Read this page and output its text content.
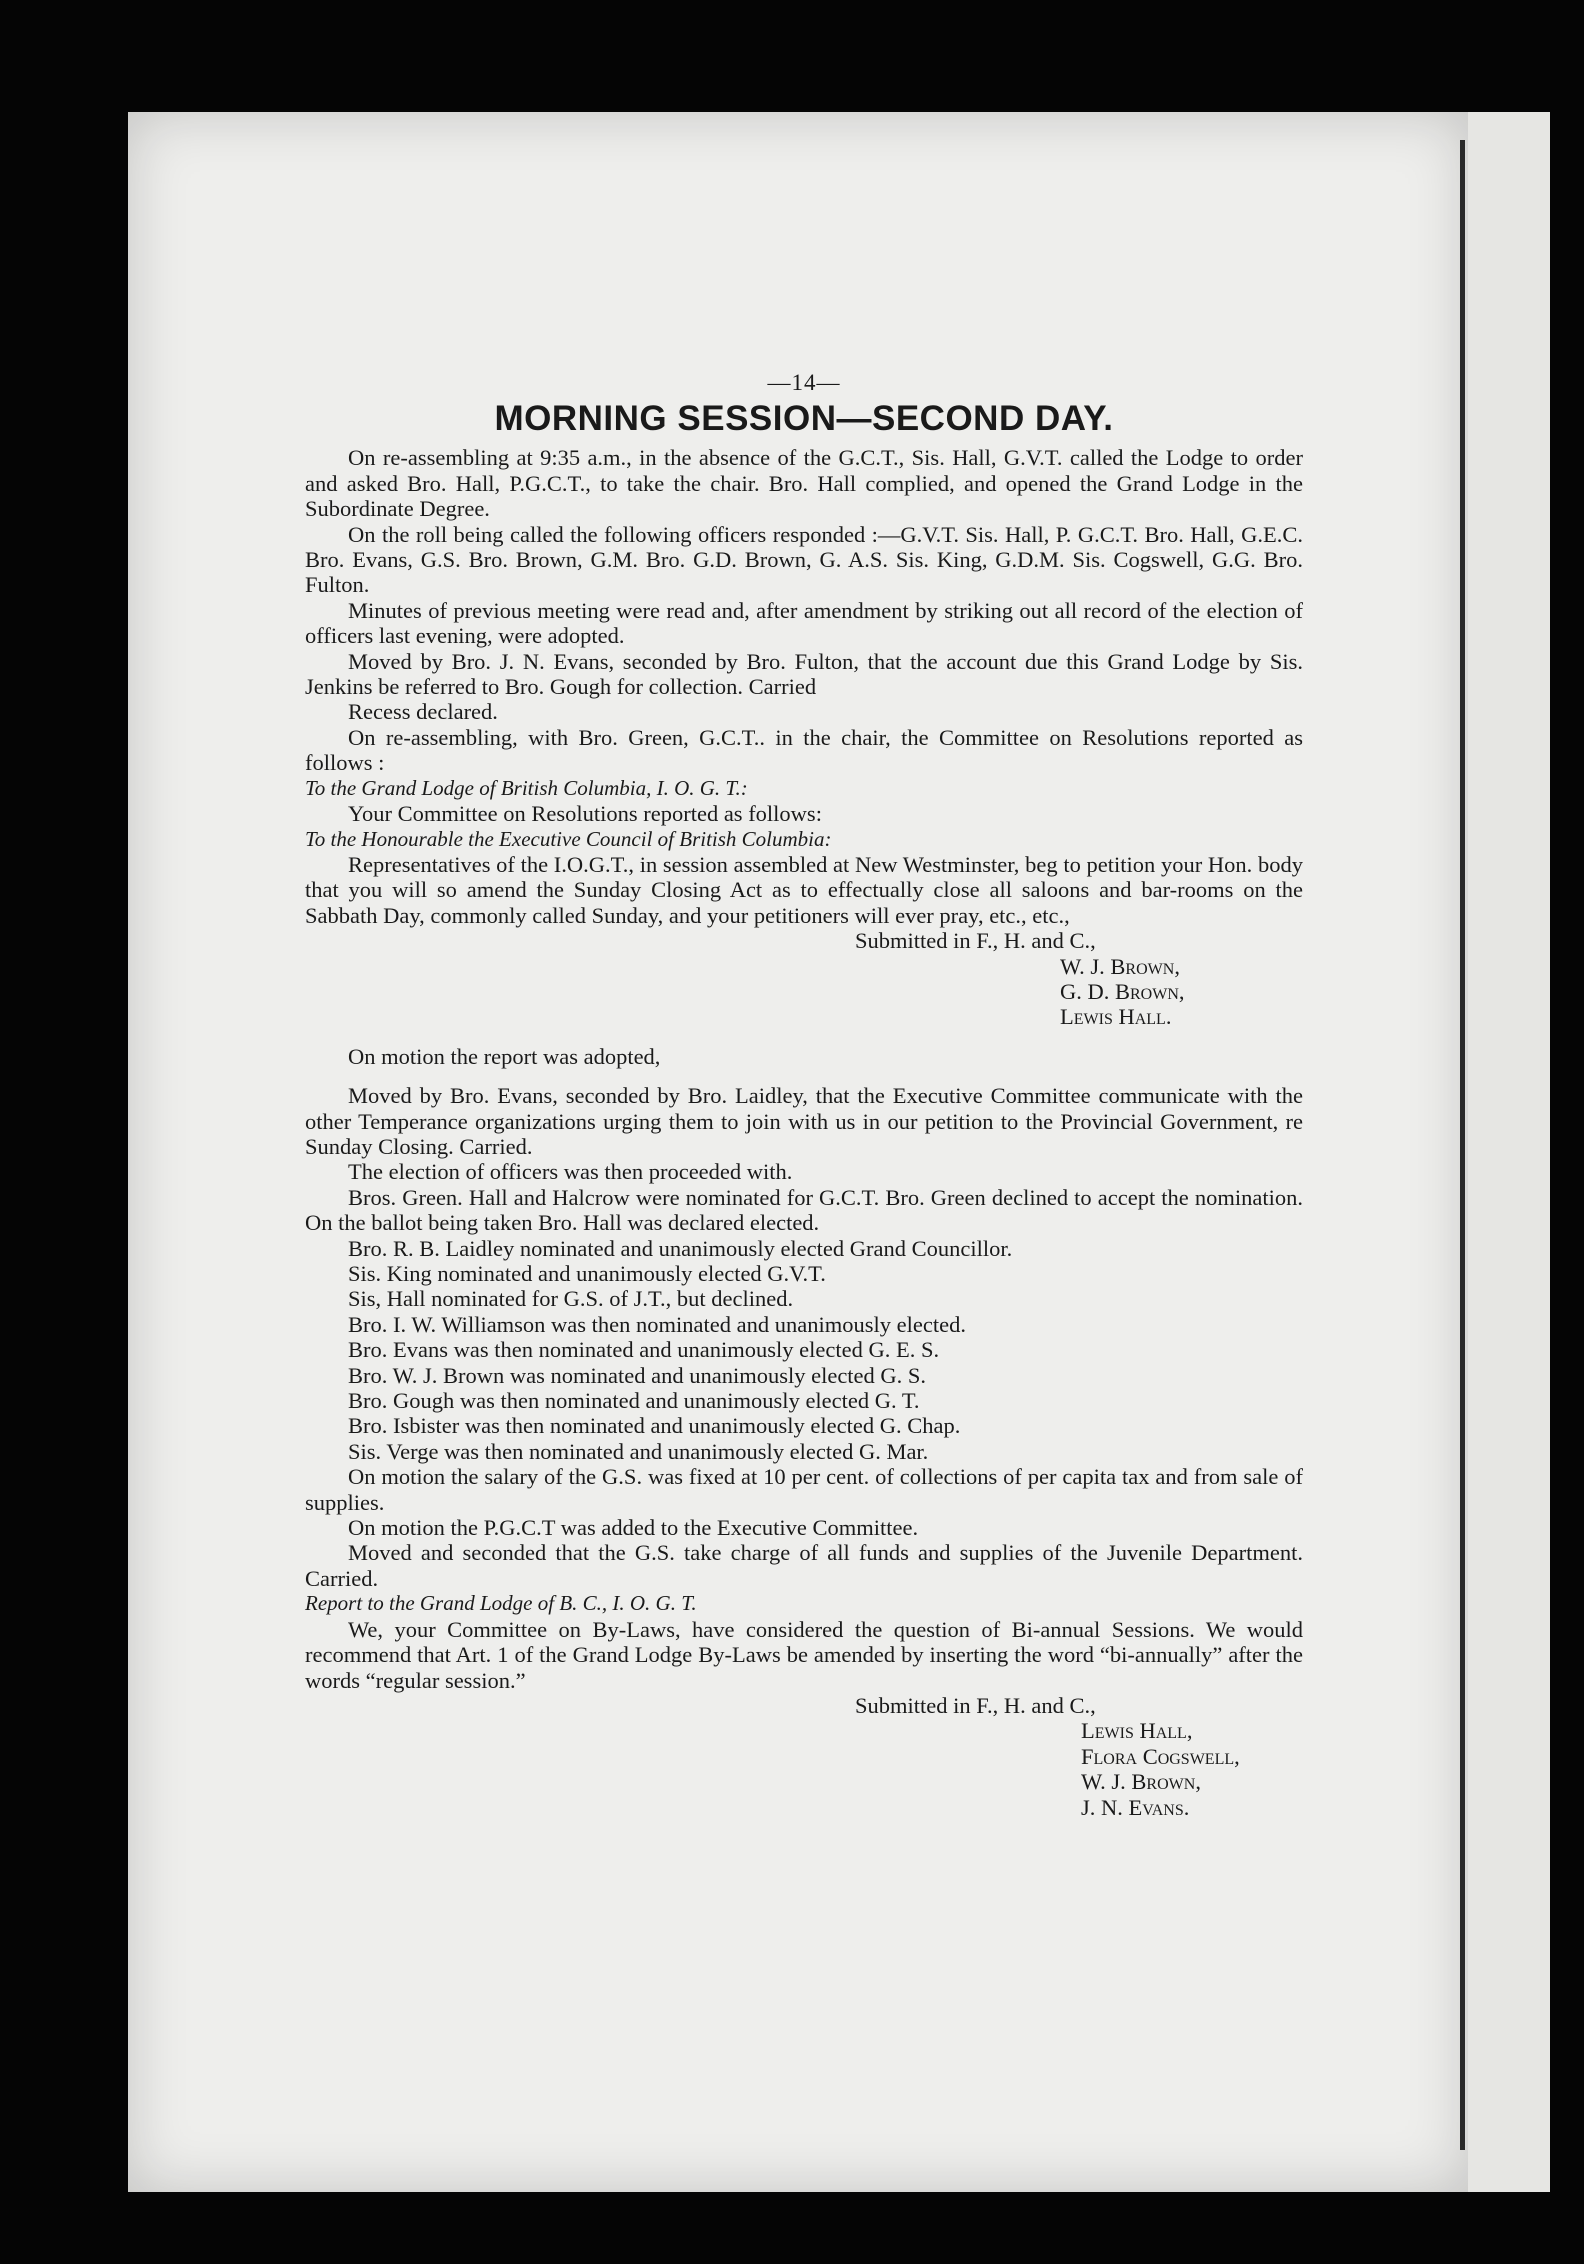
—14—
MORNING SESSION—SECOND DAY.

On re-assembling at 9:35 a.m., in the absence of the G.C.T., Sis. Hall, G.V.T. called the Lodge to order and asked Bro. Hall, P.G.C.T., to take the chair. Bro. Hall complied, and opened the Grand Lodge in the Subordinate Degree.

On the roll being called the following officers responded :—G.V.T. Sis. Hall, P. G.C.T. Bro. Hall, G.E.C. Bro. Evans, G.S. Bro. Brown, G.M. Bro. G.D. Brown, G. A.S. Sis. King, G.D.M. Sis. Cogswell, G.G. Bro. Fulton.

Minutes of previous meeting were read and, after amendment by striking out all record of the election of officers last evening, were adopted.

Moved by Bro. J. N. Evans, seconded by Bro. Fulton, that the account due this Grand Lodge by Sis. Jenkins be referred to Bro. Gough for collection. Carried

Recess declared.

On re-assembling, with Bro. Green, G.C.T.. in the chair, the Committee on Resolutions reported as follows :

To the Grand Lodge of British Columbia, I. O. G. T.:

Your Committee on Resolutions reported as follows:

To the Honourable the Executive Council of British Columbia:

Representatives of the I.O.G.T., in session assembled at New Westminster, beg to petition your Hon. body that you will so amend the Sunday Closing Act as to effectually close all saloons and bar-rooms on the Sabbath Day, commonly called Sunday, and your petitioners will ever pray, etc., etc.,

Submitted in F., H. and C.,

W. J. Brown,

G. D. Brown,

Lewis Hall.

On motion the report was adopted,

Moved by Bro. Evans, seconded by Bro. Laidley, that the Executive Committee communicate with the other Temperance organizations urging them to join with us in our petition to the Provincial Government, re Sunday Closing. Carried.

The election of officers was then proceeded with.

Bros. Green. Hall and Halcrow were nominated for G.C.T. Bro. Green declined to accept the nomination. On the ballot being taken Bro. Hall was declared elected.

Bro. R. B. Laidley nominated and unanimously elected Grand Councillor.

Sis. King nominated and unanimously elected G.V.T.

Sis, Hall nominated for G.S. of J.T., but declined.

Bro. I. W. Williamson was then nominated and unanimously elected.

Bro. Evans was then nominated and unanimously elected G. E. S.

Bro. W. J. Brown was nominated and unanimously elected G. S.

Bro. Gough was then nominated and unanimously elected G. T.

Bro. Isbister was then nominated and unanimously elected G. Chap.

Sis. Verge was then nominated and unanimously elected G. Mar.

On motion the salary of the G.S. was fixed at 10 per cent. of collections of per capita tax and from sale of supplies.

On motion the P.G.C.T was added to the Executive Committee.

Moved and seconded that the G.S. take charge of all funds and supplies of the Juvenile Department. Carried.

Report to the Grand Lodge of B. C., I. O. G. T.

We, your Committee on By-Laws, have considered the question of Bi-annual Sessions. We would recommend that Art. 1 of the Grand Lodge By-Laws be amended by inserting the word “bi-annually” after the words “regular session.”

Submitted in F., H. and C.,

Lewis Hall,

Flora Cogswell,

W. J. Brown,

J. N. Evans.
